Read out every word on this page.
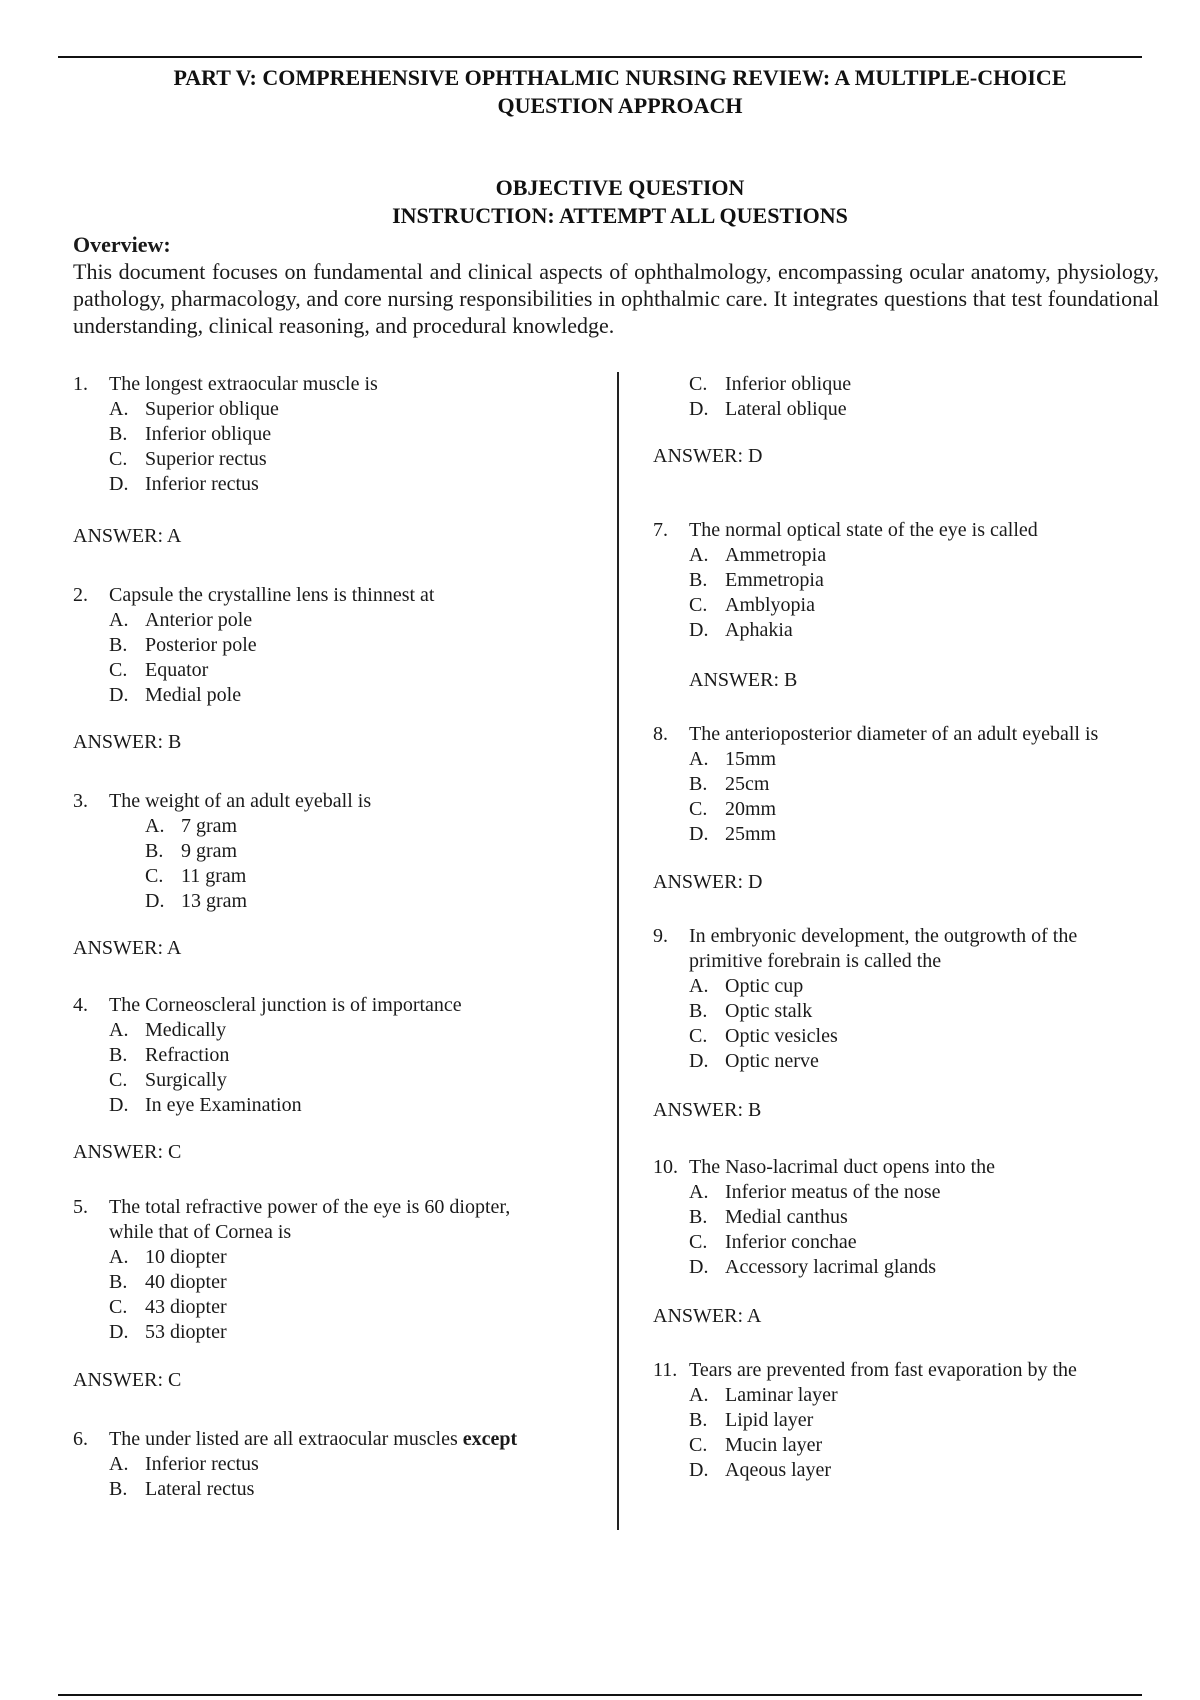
PART V: COMPREHENSIVE OPHTHALMIC NURSING REVIEW: A MULTIPLE-CHOICE
QUESTION APPROACH
OBJECTIVE QUESTION
INSTRUCTION: ATTEMPT ALL QUESTIONS
Overview:
This document focuses on fundamental and clinical aspects of ophthalmology, encompassing ocular anatomy, physiology, pathology, pharmacology, and core nursing responsibilities in ophthalmic care. It integrates questions that test foundational understanding, clinical reasoning, and procedural knowledge.
1. The longest extraocular muscle is
A. Superior oblique
B. Inferior oblique
C. Superior rectus
D. Inferior rectus
ANSWER: A
2. Capsule the crystalline lens is thinnest at
A. Anterior pole
B. Posterior pole
C. Equator
D. Medial pole
ANSWER: B
3. The weight of an adult eyeball is
A. 7 gram
B. 9 gram
C. 11 gram
D. 13 gram
ANSWER: A
4. The Corneoscleral junction is of importance
A. Medically
B. Refraction
C. Surgically
D. In eye Examination
ANSWER: C
5. The total refractive power of the eye is 60 diopter,
while that of Cornea is
A. 10 diopter
B. 40 diopter
C. 43 diopter
D. 53 diopter
ANSWER: C
6. The under listed are all extraocular muscles except
A. Inferior rectus
B. Lateral rectus
C. Inferior oblique
D. Lateral oblique
ANSWER: D
7. The normal optical state of the eye is called
A. Ammetropia
B. Emmetropia
C. Amblyopia
D. Aphakia
ANSWER: B
8. The anterioposterior diameter of an adult eyeball is
A. 15mm
B. 25cm
C. 20mm
D. 25mm
ANSWER: D
9. In embryonic development, the outgrowth of the
primitive forebrain is called the
A. Optic cup
B. Optic stalk
C. Optic vesicles
D. Optic nerve
ANSWER: B
10. The Naso-lacrimal duct opens into the
A. Inferior meatus of the nose
B. Medial canthus
C. Inferior conchae
D. Accessory lacrimal glands
ANSWER: A
11. Tears are prevented from fast evaporation by the
A. Laminar layer
B. Lipid layer
C. Mucin layer
D. Aqeous layer
